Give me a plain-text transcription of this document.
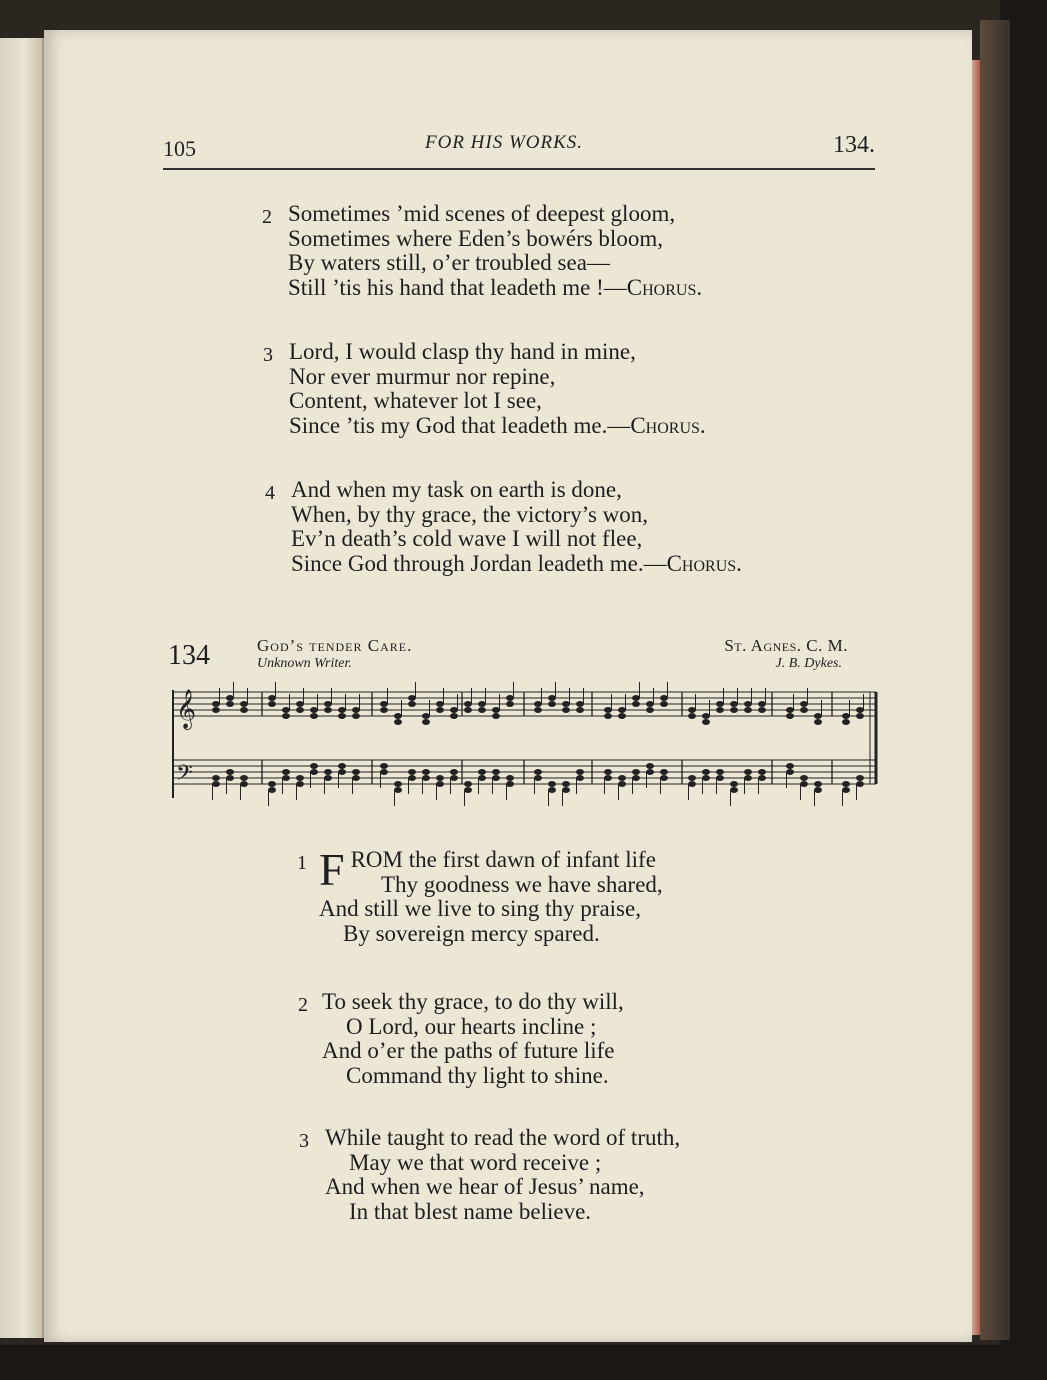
105	FOR HIS WORKS.	134.
2 Sometimes ’mid scenes of deepest gloom,
Sometimes where Eden’s bowérs bloom,
By waters still, o’er troubled sea—
Still ’tis his hand that leadeth me !—Chorus.
3 Lord, I would clasp thy hand in mine,
Nor ever murmur nor repine,
Content, whatever lot I see,
Since ’tis my God that leadeth me.—Chorus.
4 And when my task on earth is done,
When, by thy grace, the victory’s won,
Ev’n death’s cold wave I will not flee,
Since God through Jordan leadeth me.—Chorus.
134	God’s tender Care.
Unknown Writer.
St. Agnes. C. M.
J. B. Dykes.
𝄞
𝄢
1 FROM the first dawn of infant life
Thy goodness we have shared,
And still we live to sing thy praise,
By sovereign mercy spared.
2 To seek thy grace, to do thy will,
O Lord, our hearts incline ;
And o’er the paths of future life
Command thy light to shine.
3 While taught to read the word of truth,
May we that word receive ;
And when we hear of Jesus’ name,
In that blest name believe.
